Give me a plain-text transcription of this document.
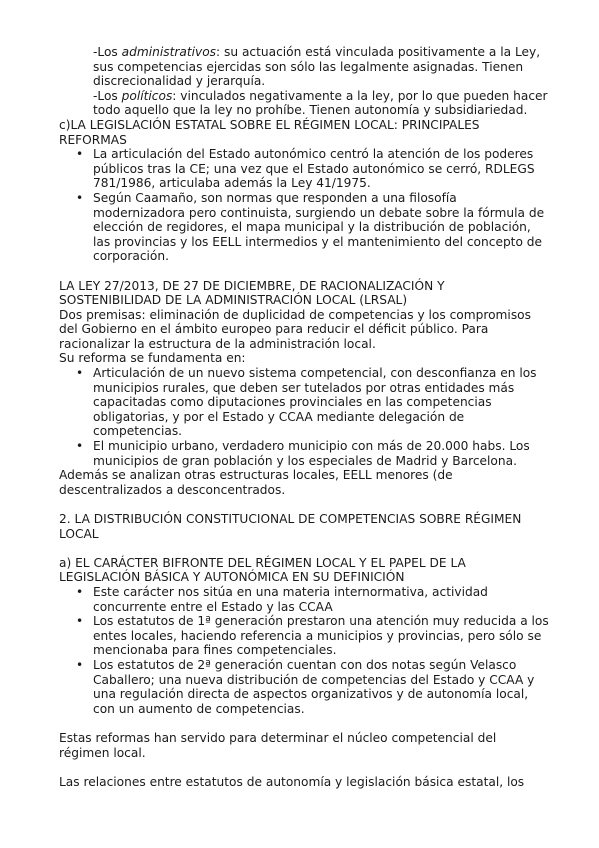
-Los administrativos: su actuación está vinculada positivamente a la Ley, sus competencias ejercidas son sólo las legalmente asignadas. Tienen discrecionalidad y jerarquía.

-Los políticos: vinculados negativamente a la ley, por lo que pueden hacer todo aquello que la ley no prohíbe. Tienen autonomía y subsidiariedad.

c)LA LEGISLACIÓN ESTATAL SOBRE EL RÉGIMEN LOCAL: PRINCIPALES REFORMAS

• La articulación del Estado autonómico centró la atención de los poderes públicos tras la CE; una vez que el Estado autonómico se cerró, RDLEGS 781/1986, articulaba además la Ley 41/1975.
• Según Caamaño, son normas que responden a una filosofía modernizadora pero continuista, surgiendo un debate sobre la fórmula de elección de regidores, el mapa municipal y la distribución de población, las provincias y los EELL intermedios y el mantenimiento del concepto de corporación.

LA LEY 27/2013, DE 27 DE DICIEMBRE, DE RACIONALIZACIÓN Y SOSTENIBILIDAD DE LA ADMINISTRACIÓN LOCAL (LRSAL)

Dos premisas: eliminación de duplicidad de competencias y los compromisos del Gobierno en el ámbito europeo para reducir el déficit público. Para racionalizar la estructura de la administración local.

Su reforma se fundamenta en:

• Articulación de un nuevo sistema competencial, con desconfianza en los municipios rurales, que deben ser tutelados por otras entidades más capacitadas como diputaciones provinciales en las competencias obligatorias, y por el Estado y CCAA mediante delegación de competencias.
• El municipio urbano, verdadero municipio con más de 20.000 habs. Los municipios de gran población y los especiales de Madrid y Barcelona.

Además se analizan otras estructuras locales, EELL menores (de descentralizados a desconcentrados.

2. LA DISTRIBUCIÓN CONSTITUCIONAL DE COMPETENCIAS SOBRE RÉGIMEN LOCAL

a) EL CARÁCTER BIFRONTE DEL RÉGIMEN LOCAL Y EL PAPEL DE LA LEGISLACIÓN BÁSICA Y AUTONÓMICA EN SU DEFINICIÓN

• Este carácter nos sitúa en una materia internormativa, actividad concurrente entre el Estado y las CCAA
• Los estatutos de 1ª generación prestaron una atención muy reducida a los entes locales, haciendo referencia a municipios y provincias, pero sólo se mencionaba para fines competenciales.
• Los estatutos de 2ª generación cuentan con dos notas según Velasco Caballero; una nueva distribución de competencias del Estado y CCAA y una regulación directa de aspectos organizativos y de autonomía local, con un aumento de competencias.

Estas reformas han servido para determinar el núcleo competencial del régimen local.

Las relaciones entre estatutos de autonomía y legislación básica estatal, los
